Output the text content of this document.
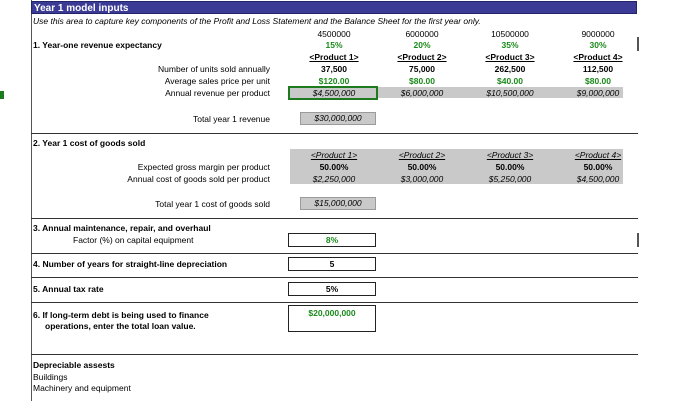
Year 1 model inputs
Use this area to capture key components of the Profit and Loss Statement and the Balance Sheet for the first year only.
4500000	6000000	10500000	9000000
1. Year-one revenue expectancy	15%	20%	35%	30%
<Product 1>	<Product 2>	<Product 3>	<Product 4>
Number of units sold annually	37,500	75,000	262,500	112,500
Average sales price per unit	$120.00	$80.00	$40.00	$80.00
Annual revenue per product	$4,500,000	$6,000,000	$10,500,000	$9,000,000
Total year 1 revenue	$30,000,000
2. Year 1 cost of goods sold
<Product 1>	<Product 2>	<Product 3>	<Product 4>
Expected gross margin per product	50.00%	50.00%	50.00%	50.00%
Annual cost of goods sold per product	$2,250,000	$3,000,000	$5,250,000	$4,500,000
Total year 1 cost of goods sold	$15,000,000
3. Annual maintenance, repair, and overhaul
Factor (%) on capital equipment	8%
4. Number of years for straight-line depreciation	5
5. Annual tax rate	5%
6. If long-term debt is being used to finance
operations, enter the total loan value.
$20,000,000
Depreciable assests
Buildings
Machinery and equipment
